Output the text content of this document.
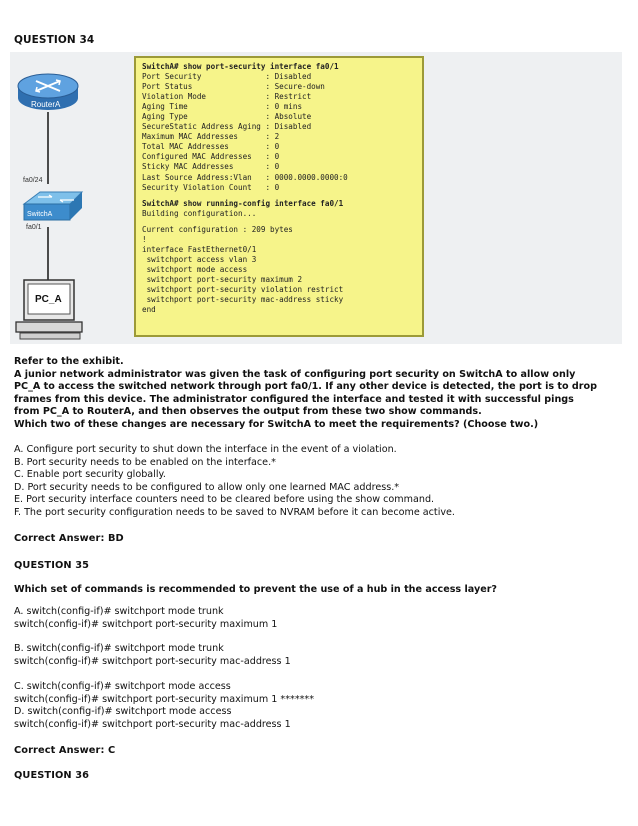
QUESTION 34
RouterA
fa0/24
SwitchA
fa0/1
PC_A
SwitchA# show port-security interface fa0/1
Port Security              : Disabled
Port Status                : Secure-down
Violation Mode             : Restrict
Aging Time                 : 0 mins
Aging Type                 : Absolute
SecureStatic Address Aging : Disabled
Maximum MAC Addresses      : 2
Total MAC Addresses        : 0
Configured MAC Addresses   : 0
Sticky MAC Addresses       : 0
Last Source Address:Vlan   : 0000.0000.0000:0
Security Violation Count   : 0
SwitchA# show running-config interface fa0/1
Building configuration...
Current configuration : 209 bytes
!
interface FastEthernet0/1
switchport access vlan 3
switchport mode access
switchport port-security maximum 2
switchport port-security violation restrict
switchport port-security mac-address sticky
end
Refer to the exhibit.
A junior network administrator was given the task of configuring port security on SwitchA to allow only
PC_A to access the switched network through port fa0/1. If any other device is detected, the port is to drop
frames from this device. The administrator configured the interface and tested it with successful pings
from PC_A to RouterA, and then observes the output from these two show commands.
Which two of these changes are necessary for SwitchA to meet the requirements? (Choose two.)
A. Configure port security to shut down the interface in the event of a violation.
B. Port security needs to be enabled on the interface.*
C. Enable port security globally.
D. Port security needs to be configured to allow only one learned MAC address.*
E. Port security interface counters need to be cleared before using the show command.
F. The port security configuration needs to be saved to NVRAM before it can become active.
Correct Answer: BD
QUESTION 35
Which set of commands is recommended to prevent the use of a hub in the access layer?
A. switch(config-if)# switchport mode trunk
switch(config-if)# switchport port-security maximum 1
B. switch(config-if)# switchport mode trunk
switch(config-if)# switchport port-security mac-address 1
C. switch(config-if)# switchport mode access
switch(config-if)# switchport port-security maximum 1 *******
D. switch(config-if)# switchport mode access
switch(config-if)# switchport port-security mac-address 1
Correct Answer: C
QUESTION 36
